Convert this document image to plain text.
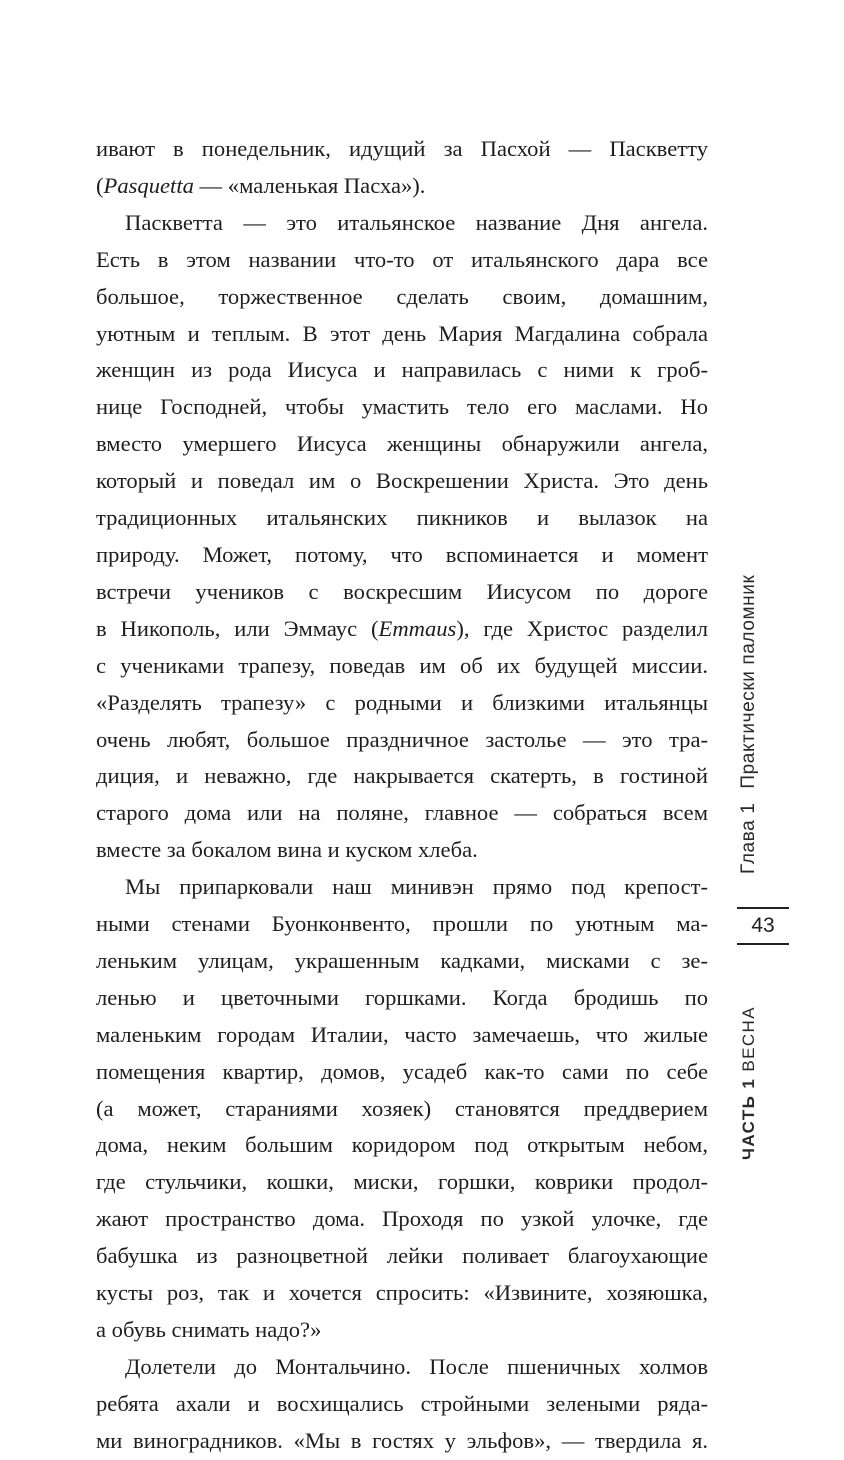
ивают в понедельник, идущий за Пасхой — Паскветту
(Pasquetta — «маленькая Пасха»).
Паскветта — это итальянское название Дня ангела.
Есть в этом названии что-то от итальянского дара все
большое, торжественное сделать своим, домашним,
уютным и теплым. В этот день Мария Магдалина собрала
женщин из рода Иисуса и направилась с ними к гроб-
нице Господней, чтобы умастить тело его маслами. Но
вместо умершего Иисуса женщины обнаружили ангела,
который и поведал им о Воскрешении Христа. Это день
традиционных итальянских пикников и вылазок на
природу. Может, потому, что вспоминается и момент
встречи учеников с воскресшим Иисусом по дороге
в Никополь, или Эммаус (Emmaus), где Христос разделил
с учениками трапезу, поведав им об их будущей миссии.
«Разделять трапезу» с родными и близкими итальянцы
очень любят, большое праздничное застолье — это тра-
диция, и неважно, где накрывается скатерть, в гостиной
старого дома или на поляне, главное — собраться всем
вместе за бокалом вина и куском хлеба.
Мы припарковали наш минивэн прямо под крепост-
ными стенами Буонконвенто, прошли по уютным ма-
леньким улицам, украшенным кадками, мисками с зе-
ленью и цветочными горшками. Когда бродишь по
маленьким городам Италии, часто замечаешь, что жилые
помещения квартир, домов, усадеб как-то сами по себе
(а может, стараниями хозяек) становятся преддверием
дома, неким большим коридором под открытым небом,
где стульчики, кошки, миски, горшки, коврики продол-
жают пространство дома. Проходя по узкой улочке, где
бабушка из разноцветной лейки поливает благоухающие
кусты роз, так и хочется спросить: «Извините, хозяюшка,
а обувь снимать надо?»
Долетели до Монтальчино. После пшеничных холмов
ребята ахали и восхищались стройными зелеными ряда-
ми виноградников. «Мы в гостях у эльфов», — твердила я.
Глава 1Практически паломник
43
ЧАСТЬ 1 ВЕСНА
